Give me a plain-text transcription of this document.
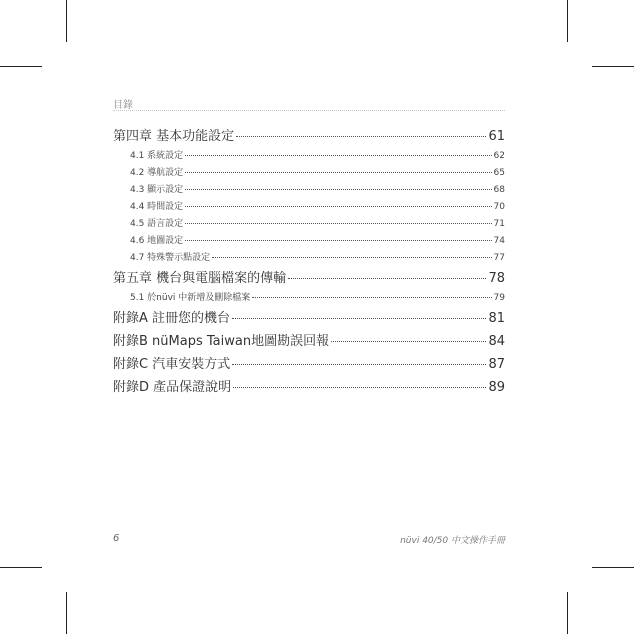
目錄
第四章 基本功能設定	61
4.1 系統設定	62
4.2 導航設定	65
4.3 顯示設定	68
4.4 時間設定	70
4.5 語言設定	71
4.6 地圖設定	74
4.7 特殊警示點設定	77
第五章 機台與電腦檔案的傳輸	78
5.1 於nüvi 中新增及刪除檔案	79
附錄A 註冊您的機台	81
附錄B nüMaps Taiwan地圖勘誤回報	84
附錄C 汽車安裝方式	87
附錄D 產品保證說明	89
6	nüvi 40/50 中文操作手冊
